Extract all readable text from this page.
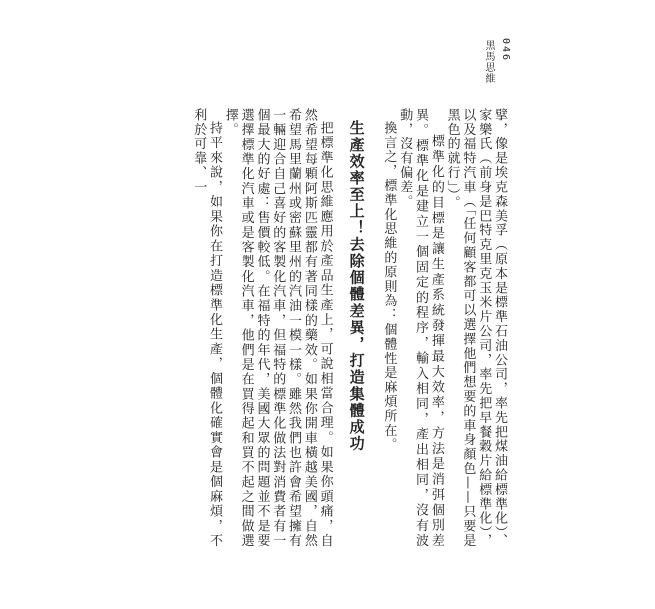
黑馬思維 046

擘，像是埃克森美孚（原本是標準石油公司，率先把煤油給標準化）、家樂氏（前身是巴特克里克玉米片公司，率先把早餐穀片給標準化），以及福特汽車（「任何顧客都可以選擇他們想要的車身顏色——只要是黑色的就行」）。

標準化的目標是讓生產系統發揮最大效率，方法是消弭個別差異。標準化是建立一個固定的程序，輸入相同，產出相同，沒有波動，沒有偏差。

換言之，標準化思維的原則為：個體性是麻煩所在。

生產效率至上！去除個體差異，打造集體成功

把標準化思維應用於產品生產上，可說相當合理。如果你頭痛，自然希望每顆阿斯匹靈都有著同樣的藥效。如果你開車橫越美國，自然希望馬里蘭州或密蘇里州的汽油一模一樣。雖然我們也許會希望擁有一輛迎合自己喜好的客製化汽車，但福特的標準化做法對消費者有一個最大的好處：售價較低。在福特的年代，美國大眾的問題並不是要選擇標準化汽車或是客製化汽車，他們是在買得起和買不起之間做選擇。

持平來說，如果你在打造標準化生產，個體化確實會是個麻煩，不利於可靠、一
